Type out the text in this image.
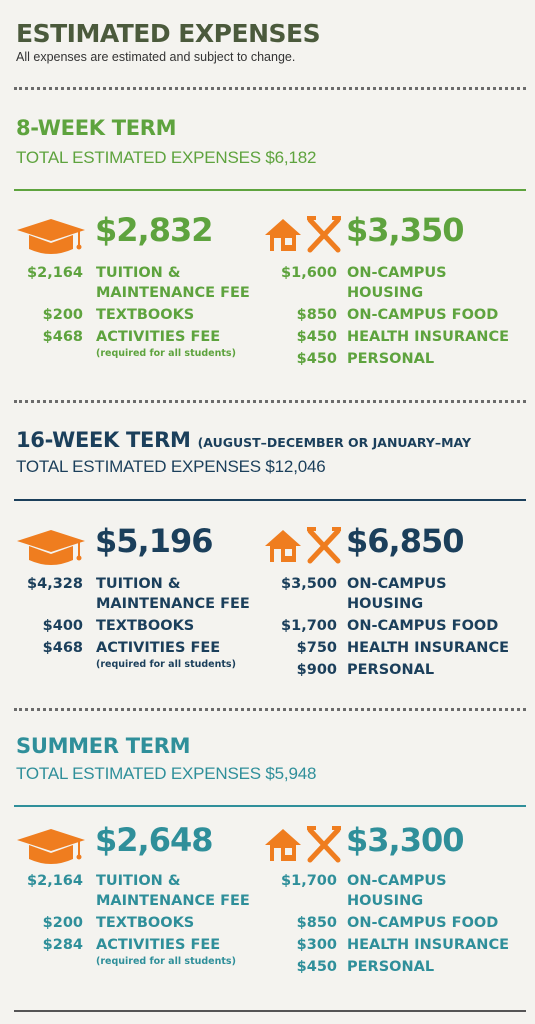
ESTIMATED EXPENSES
All expenses are estimated and subject to change.
8-WEEK TERM
TOTAL ESTIMATED EXPENSES $6,182
$2,832	$3,350
$2,164 TUITION &
MAINTENANCE FEE
$200 TEXTBOOKS
$468 ACTIVITIES FEE
(required for all students)
$1,600 ON-CAMPUS
HOUSING
$850 ON-CAMPUS FOOD
$450 HEALTH INSURANCE
$450 PERSONAL
16-WEEK TERM (AUGUST–DECEMBER OR JANUARY–MAY
TOTAL ESTIMATED EXPENSES $12,046
$5,196	$6,850
$4,328 TUITION &
MAINTENANCE FEE
$400 TEXTBOOKS
$468 ACTIVITIES FEE
(required for all students)
$3,500 ON-CAMPUS
HOUSING
$1,700 ON-CAMPUS FOOD
$750 HEALTH INSURANCE
$900 PERSONAL
SUMMER TERM
TOTAL ESTIMATED EXPENSES $5,948
$2,648	$3,300
$2,164 TUITION &
MAINTENANCE FEE
$200 TEXTBOOKS
$284 ACTIVITIES FEE
(required for all students)
$1,700 ON-CAMPUS
HOUSING
$850 ON-CAMPUS FOOD
$300 HEALTH INSURANCE
$450 PERSONAL
